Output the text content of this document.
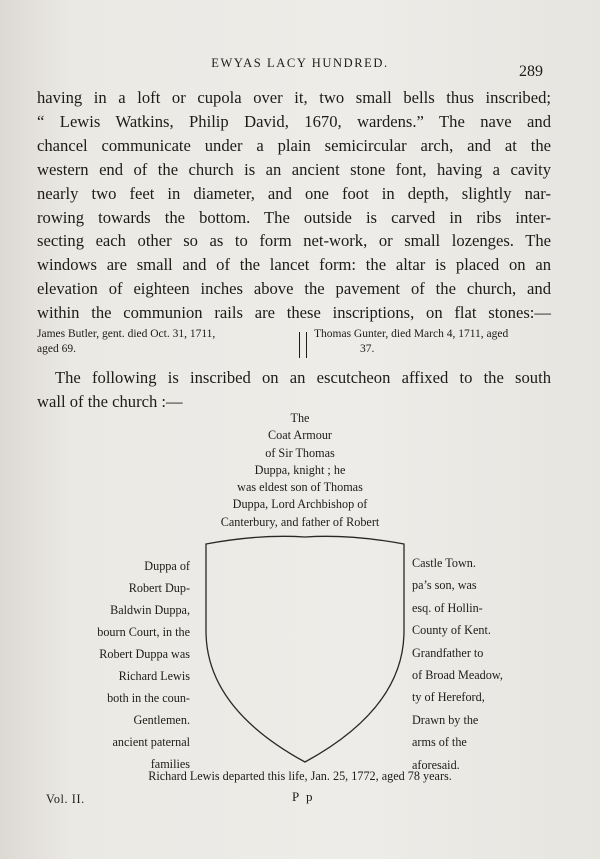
EWYAS LACY HUNDRED.	289
having in a loft or cupola over it, two small bells thus inscribed;
“ Lewis Watkins, Philip David, 1670, wardens.” The nave and
chancel communicate under a plain semicircular arch, and at the
western end of the church is an ancient stone font, having a cavity
nearly two feet in diameter, and one foot in depth, slightly nar-
rowing towards the bottom. The outside is carved in ribs inter-
secting each other so as to form net-work, or small lozenges. The
windows are small and of the lancet form: the altar is placed on an
elevation of eighteen inches above the pavement of the church, and
within the communion rails are these inscriptions, on flat stones:—
James Butler, gent. died Oct. 31, 1711,
aged 69.
Thomas Gunter, died March 4, 1711, aged
37.
The following is inscribed on an escutcheon affixed to the south
wall of the church :—
The
Coat Armour
of Sir Thomas
Duppa, knight ; he
was eldest son of Thomas
Duppa, Lord Archbishop of
Canterbury, and father of Robert
Duppa of
Robert Dup-
Baldwin Duppa,
bourn Court, in the
Robert Duppa was
Richard Lewis
both in the coun-
Gentlemen.
ancient paternal
families
Castle Town.
pa’s son, was
esq. of Hollin-
County of Kent.
Grandfather to
of Broad Meadow,
ty of Hereford,
Drawn by the
arms of the
aforesaid.
Richard Lewis departed this life, Jan. 25, 1772, aged 78 years.
Vol. II.	P p
